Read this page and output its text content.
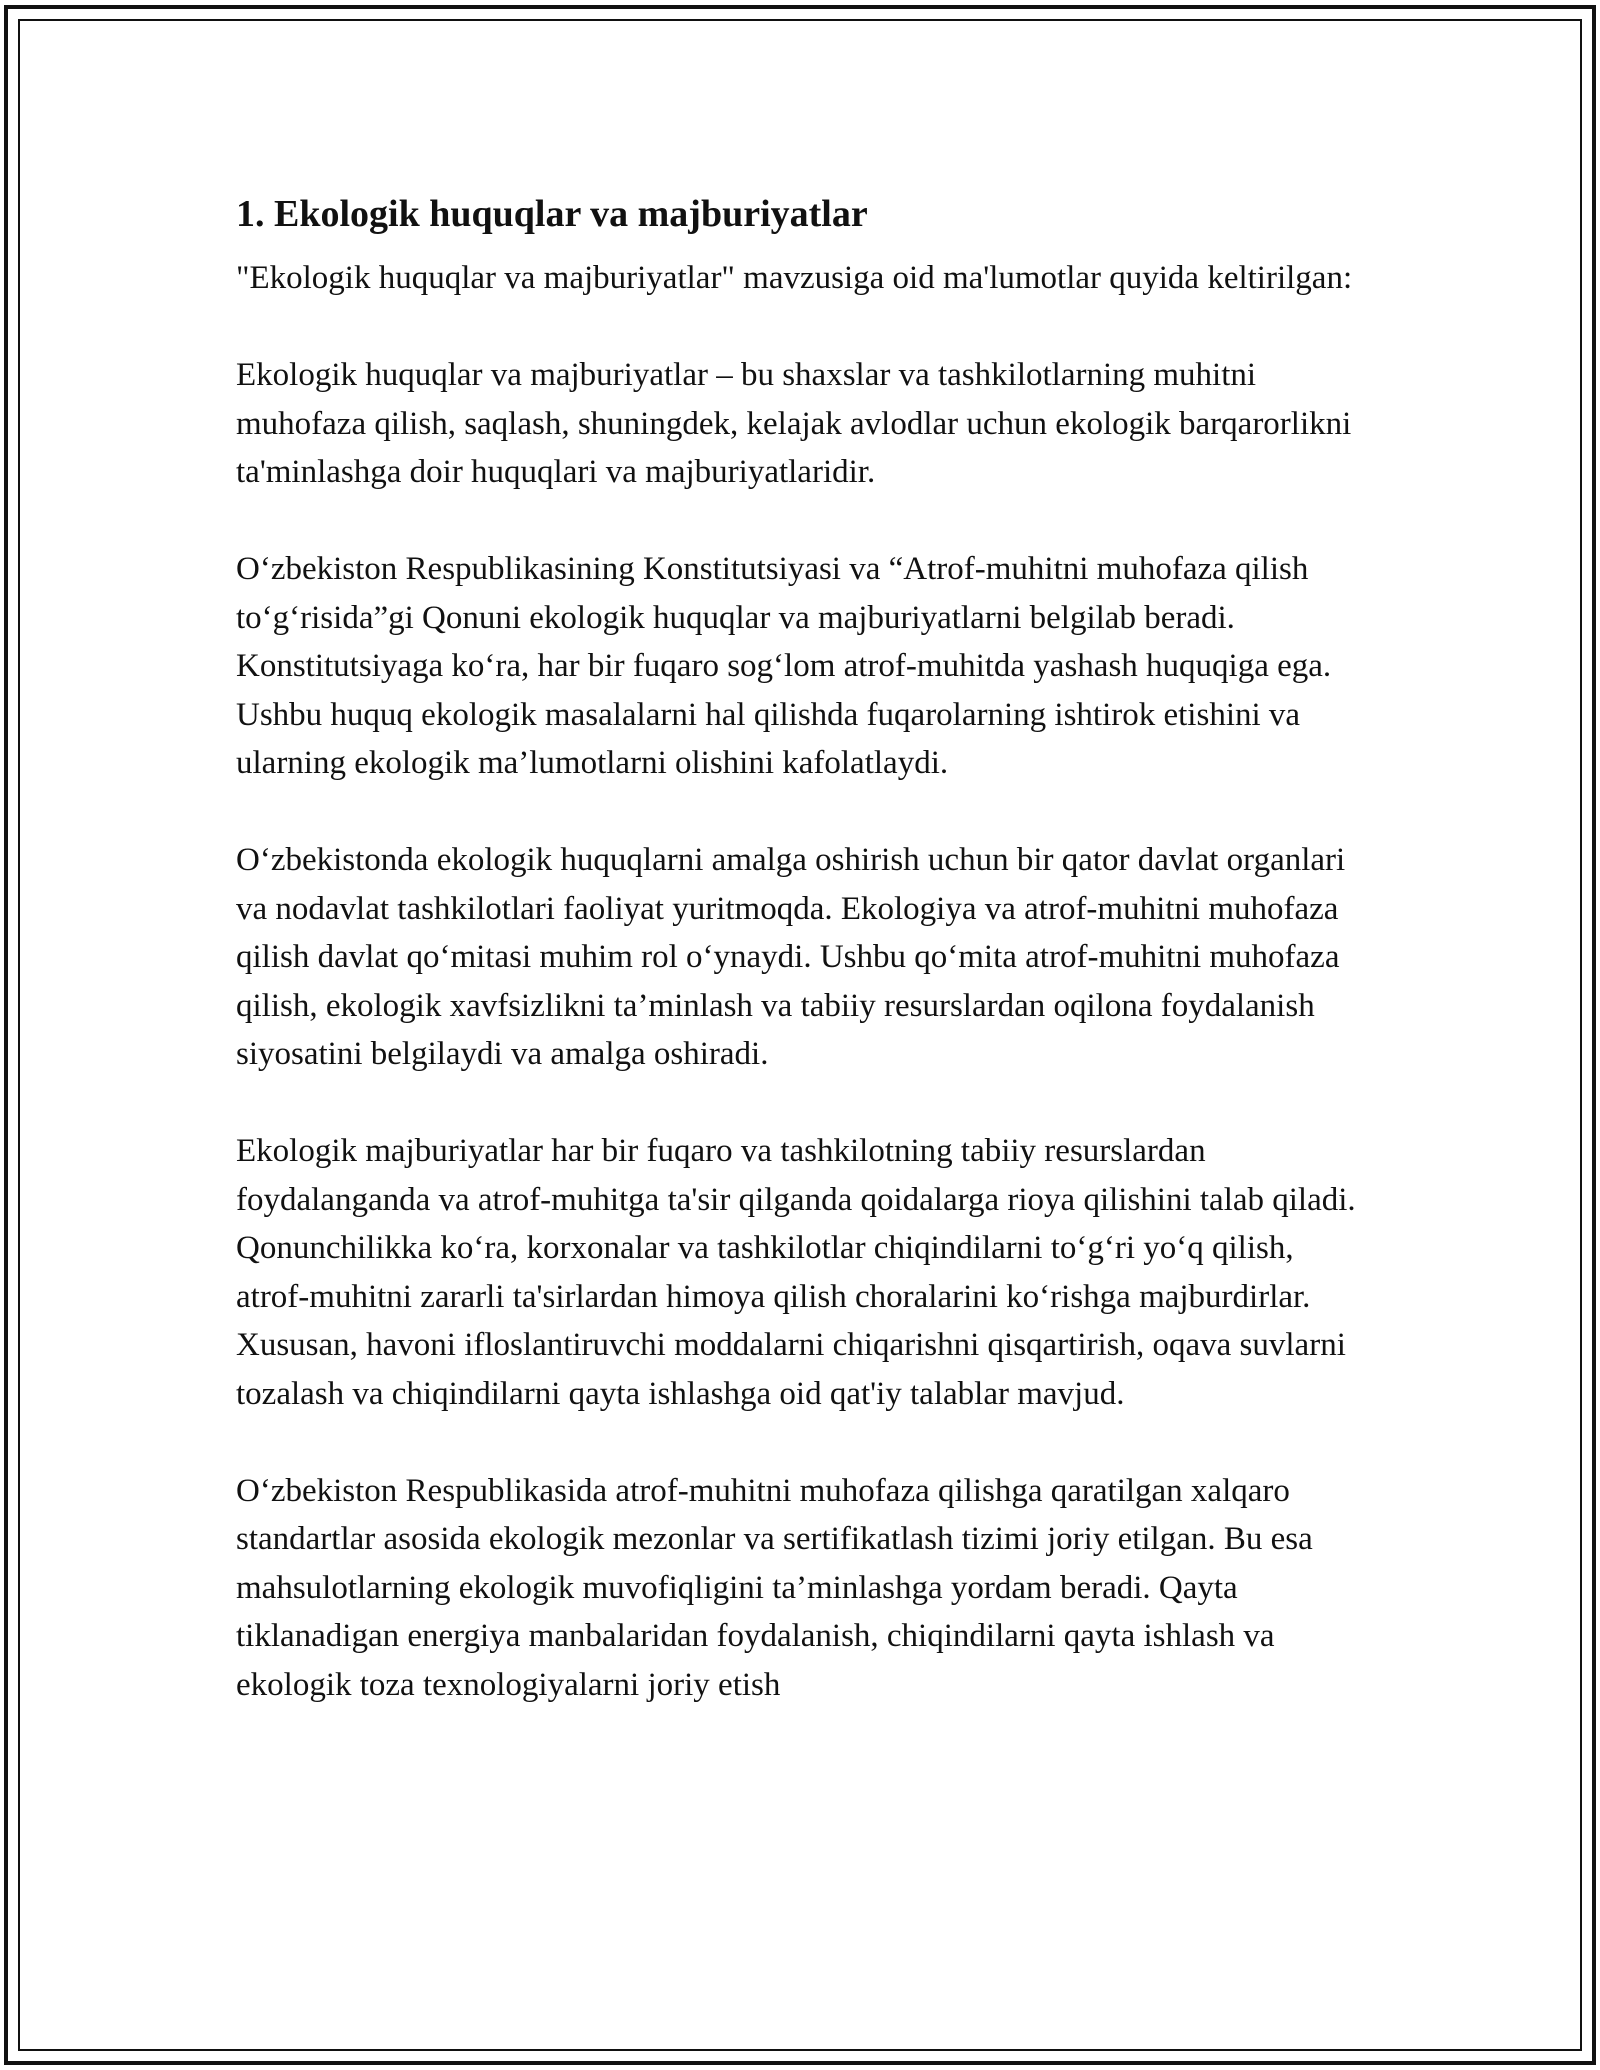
1. Ekologik huquqlar va majburiyatlar

"Ekologik huquqlar va majburiyatlar" mavzusiga oid ma'lumotlar quyida keltirilgan:

Ekologik huquqlar va majburiyatlar – bu shaxslar va tashkilotlarning muhitni muhofaza qilish, saqlash, shuningdek, kelajak avlodlar uchun ekologik barqarorlikni ta'minlashga doir huquqlari va majburiyatlaridir.

O‘zbekiston Respublikasining Konstitutsiyasi va “Atrof-muhitni muhofaza qilish to‘g‘risida”gi Qonuni ekologik huquqlar va majburiyatlarni belgilab beradi. Konstitutsiyaga ko‘ra, har bir fuqaro sog‘lom atrof-muhitda yashash huquqiga ega. Ushbu huquq ekologik masalalarni hal qilishda fuqarolarning ishtirok etishini va ularning ekologik ma’lumotlarni olishini kafolatlaydi.

O‘zbekistonda ekologik huquqlarni amalga oshirish uchun bir qator davlat organlari va nodavlat tashkilotlari faoliyat yuritmoqda. Ekologiya va atrof-muhitni muhofaza qilish davlat qo‘mitasi muhim rol o‘ynaydi. Ushbu qo‘mita atrof-muhitni muhofaza qilish, ekologik xavfsizlikni ta’minlash va tabiiy resurslardan oqilona foydalanish siyosatini belgilaydi va amalga oshiradi.

Ekologik majburiyatlar har bir fuqaro va tashkilotning tabiiy resurslardan foydalanganda va atrof-muhitga ta'sir qilganda qoidalarga rioya qilishini talab qiladi. Qonunchilikka ko‘ra, korxonalar va tashkilotlar chiqindilarni to‘g‘ri yo‘q qilish, atrof-muhitni zararli ta'sirlardan himoya qilish choralarini ko‘rishga majburdirlar. Xususan, havoni ifloslantiruvchi moddalarni chiqarishni qisqartirish, oqava suvlarni tozalash va chiqindilarni qayta ishlashga oid qat'iy talablar mavjud.

O‘zbekiston Respublikasida atrof-muhitni muhofaza qilishga qaratilgan xalqaro standartlar asosida ekologik mezonlar va sertifikatlash tizimi joriy etilgan. Bu esa mahsulotlarning ekologik muvofiqligini ta’minlashga yordam beradi. Qayta tiklanadigan energiya manbalaridan foydalanish, chiqindilarni qayta ishlash va ekologik toza texnologiyalarni joriy etish
